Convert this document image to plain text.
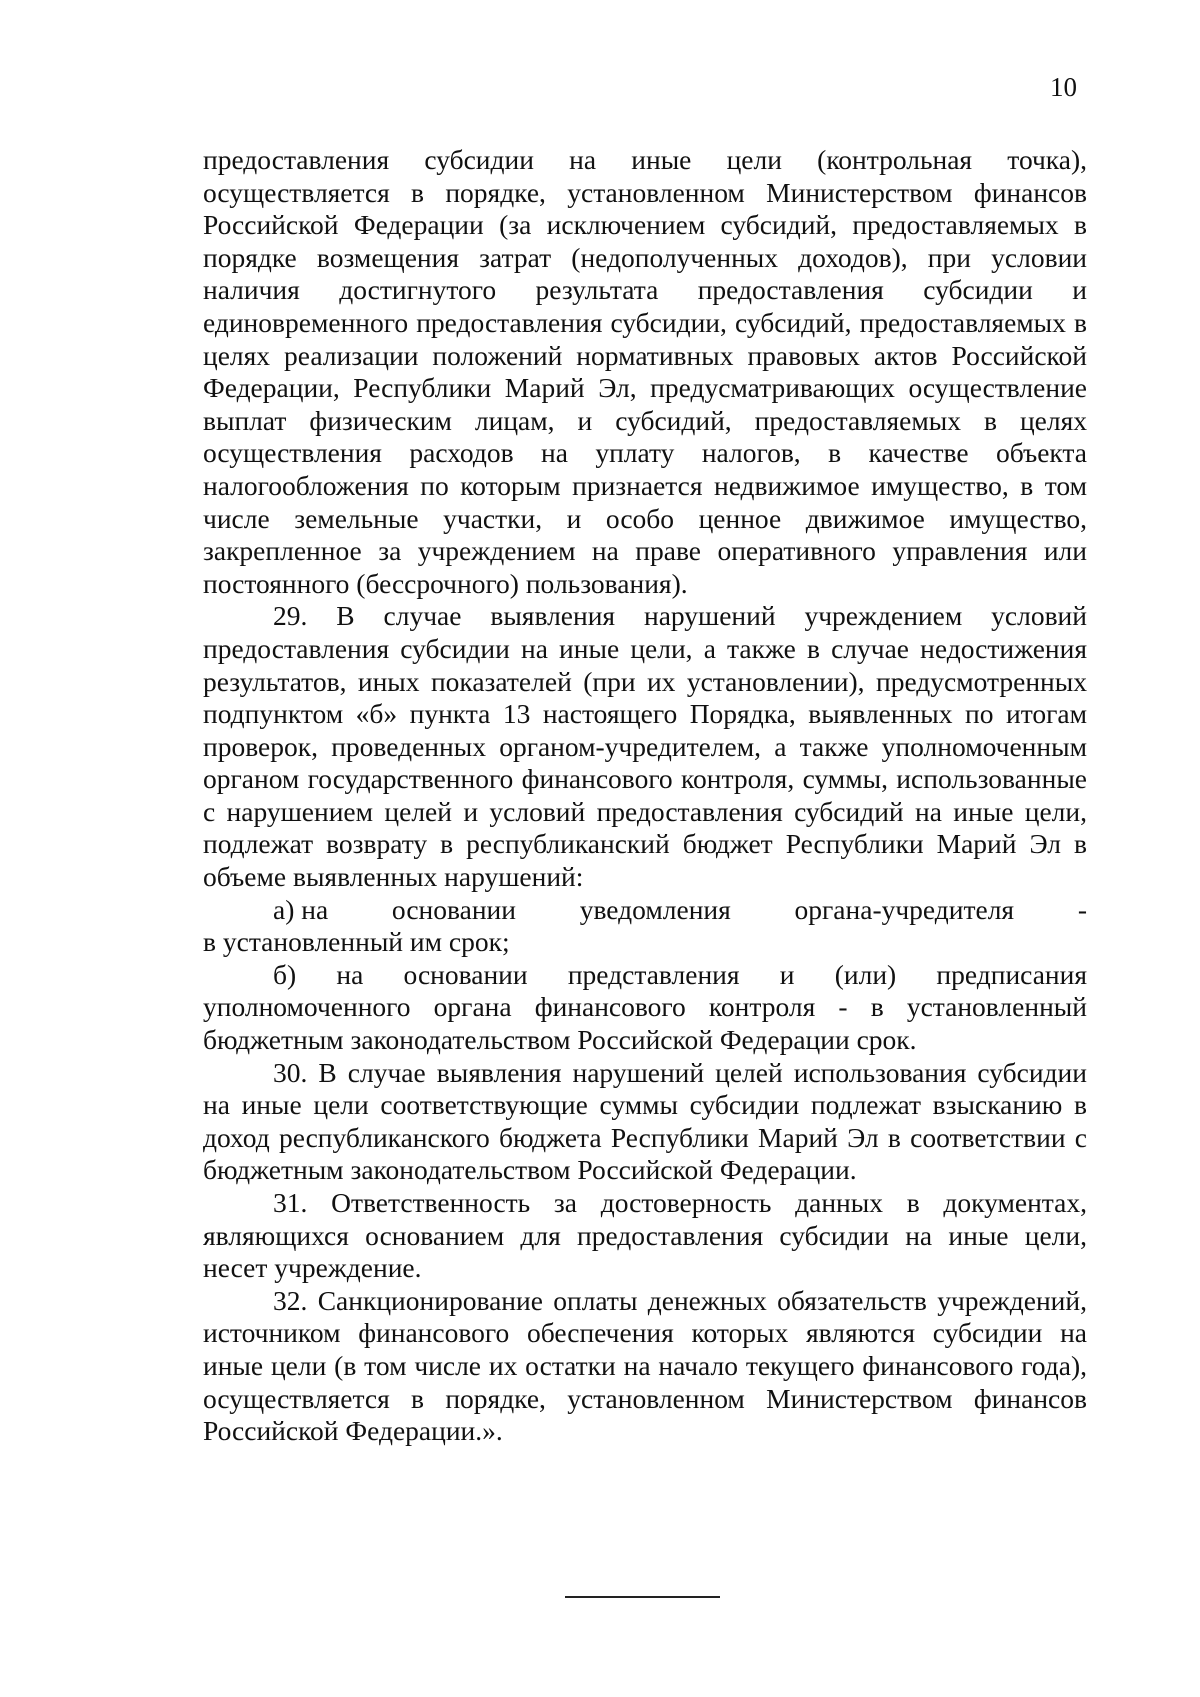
10

предоставления субсидии на иные цели (контрольная точка), осуществляется в порядке, установленном Министерством финансов Российской Федерации (за исключением субсидий, предоставляемых в порядке возмещения затрат (недополученных доходов), при условии наличия достигнутого результата предоставления субсидии и единовременного предоставления субсидии, субсидий, предоставляемых в целях реализации положений нормативных правовых актов Российской Федерации, Республики Марий Эл, предусматривающих осуществление выплат физическим лицам, и субсидий, предоставляемых в целях осуществления расходов на уплату налогов, в качестве объекта налогообложения по которым признается недвижимое имущество, в том числе земельные участки, и особо ценное движимое имущество, закрепленное за учреждением на праве оперативного управления или постоянного (бессрочного) пользования).

29. В случае выявления нарушений учреждением условий предоставления субсидии на иные цели, а также в случае недостижения результатов, иных показателей (при их установлении), предусмотренных подпунктом «б» пункта 13 настоящего Порядка, выявленных по итогам проверок, проведенных органом-учредителем, а также уполномоченным органом государственного финансового контроля, суммы, использованные с нарушением целей и условий предоставления субсидий на иные цели, подлежат возврату в республиканский бюджет Республики Марий Эл в объеме выявленных нарушений:

а) на основании уведомления органа-учредителя -
в установленный им срок;

б) на основании представления и (или) предписания уполномоченного органа финансового контроля - в установленный бюджетным законодательством Российской Федерации срок.

30. В случае выявления нарушений целей использования субсидии на иные цели соответствующие суммы субсидии подлежат взысканию в доход республиканского бюджета Республики Марий Эл в соответствии с бюджетным законодательством Российской Федерации.

31. Ответственность за достоверность данных в документах, являющихся основанием для предоставления субсидии на иные цели, несет учреждение.

32. Санкционирование оплаты денежных обязательств учреждений, источником финансового обеспечения которых являются субсидии на иные цели (в том числе их остатки на начало текущего финансового года), осуществляется в порядке, установленном Министерством финансов Российской Федерации.».
